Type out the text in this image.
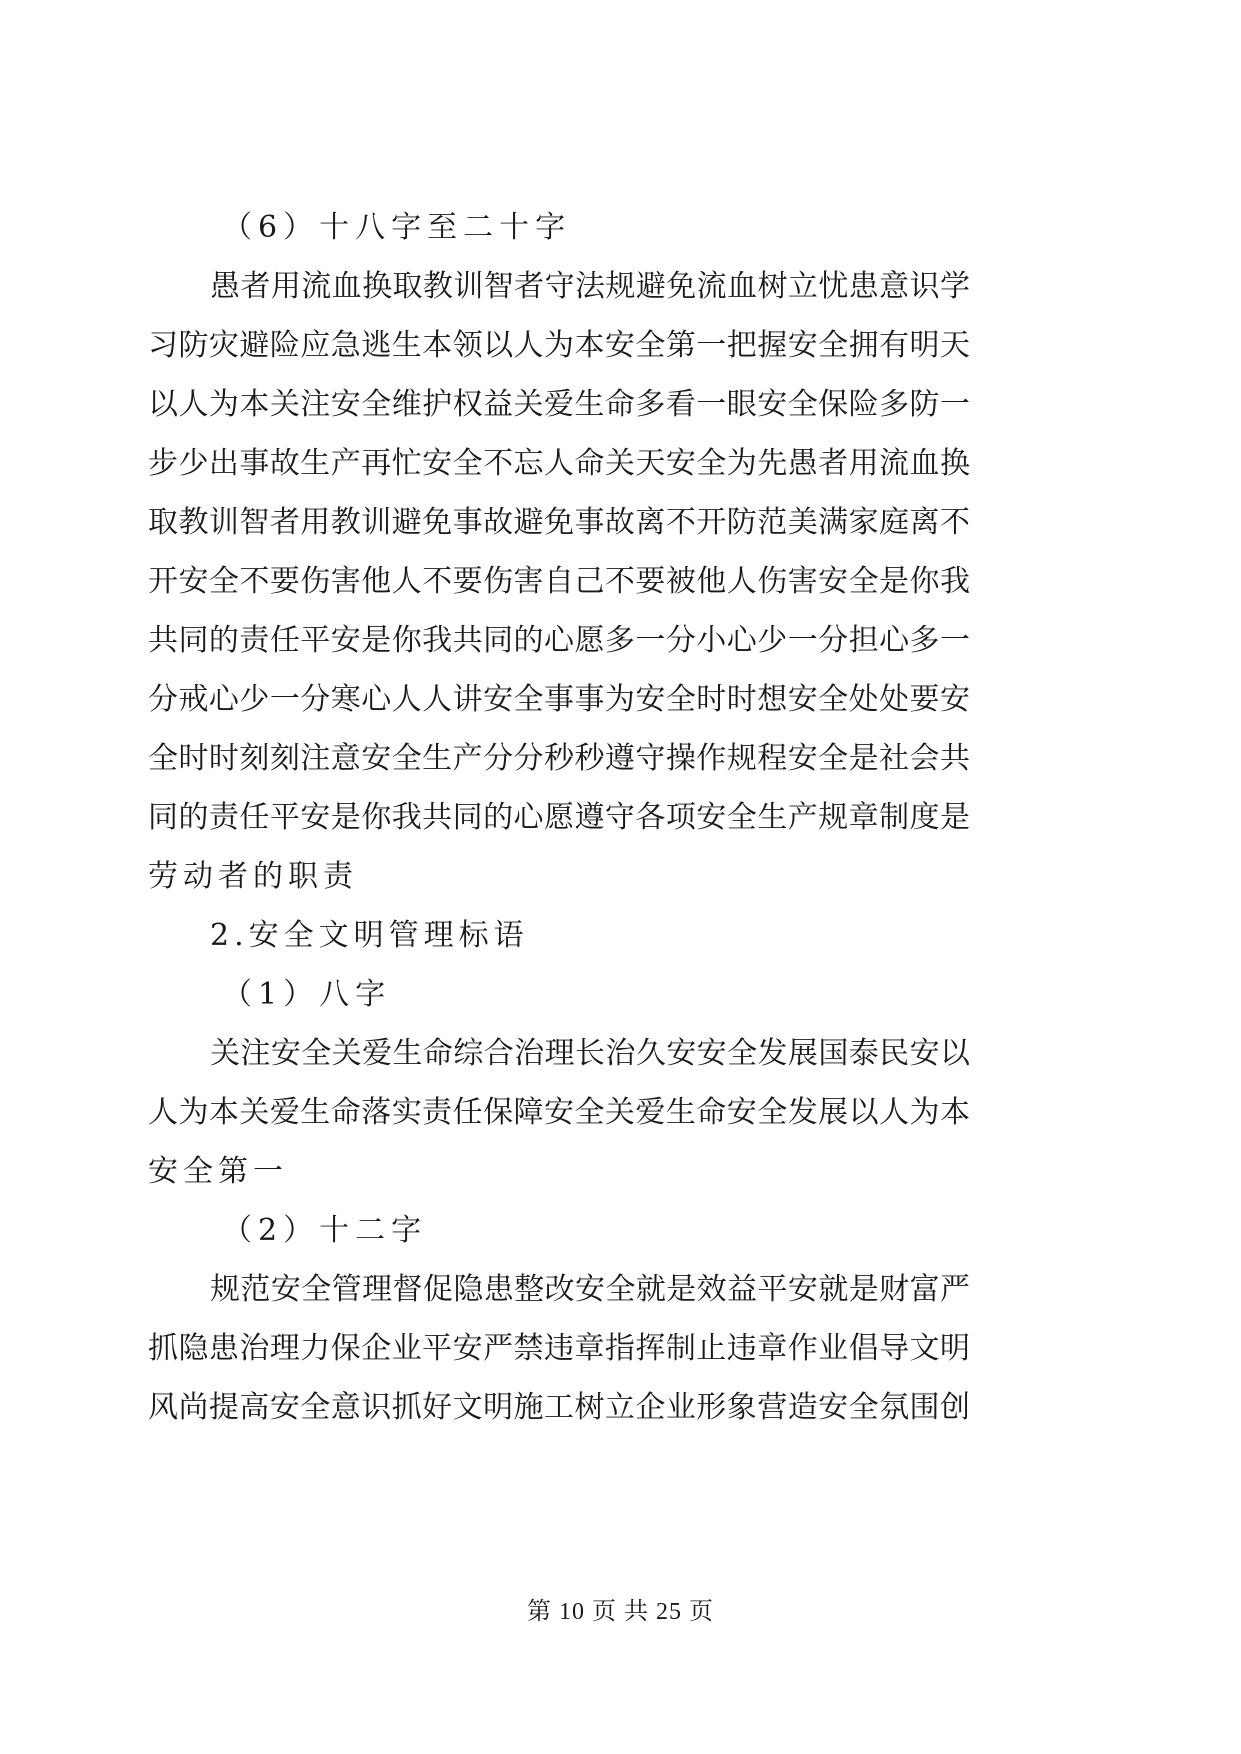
（6）十八字至二十字
愚者用流血换取教训智者守法规避免流血树立忧患意识学
习防灾避险应急逃生本领以人为本安全第一把握安全拥有明天
以人为本关注安全维护权益关爱生命多看一眼安全保险多防一
步少出事故生产再忙安全不忘人命关天安全为先愚者用流血换
取教训智者用教训避免事故避免事故离不开防范美满家庭离不
开安全不要伤害他人不要伤害自己不要被他人伤害安全是你我
共同的责任平安是你我共同的心愿多一分小心少一分担心多一
分戒心少一分寒心人人讲安全事事为安全时时想安全处处要安
全时时刻刻注意安全生产分分秒秒遵守操作规程安全是社会共
同的责任平安是你我共同的心愿遵守各项安全生产规章制度是
劳动者的职责
2.安全文明管理标语
（1）八字
关注安全关爱生命综合治理长治久安安全发展国泰民安以
人为本关爱生命落实责任保障安全关爱生命安全发展以人为本
安全第一
（2）十二字
规范安全管理督促隐患整改安全就是效益平安就是财富严
抓隐患治理力保企业平安严禁违章指挥制止违章作业倡导文明
风尚提高安全意识抓好文明施工树立企业形象营造安全氛围创
第 10 页 共 25 页
